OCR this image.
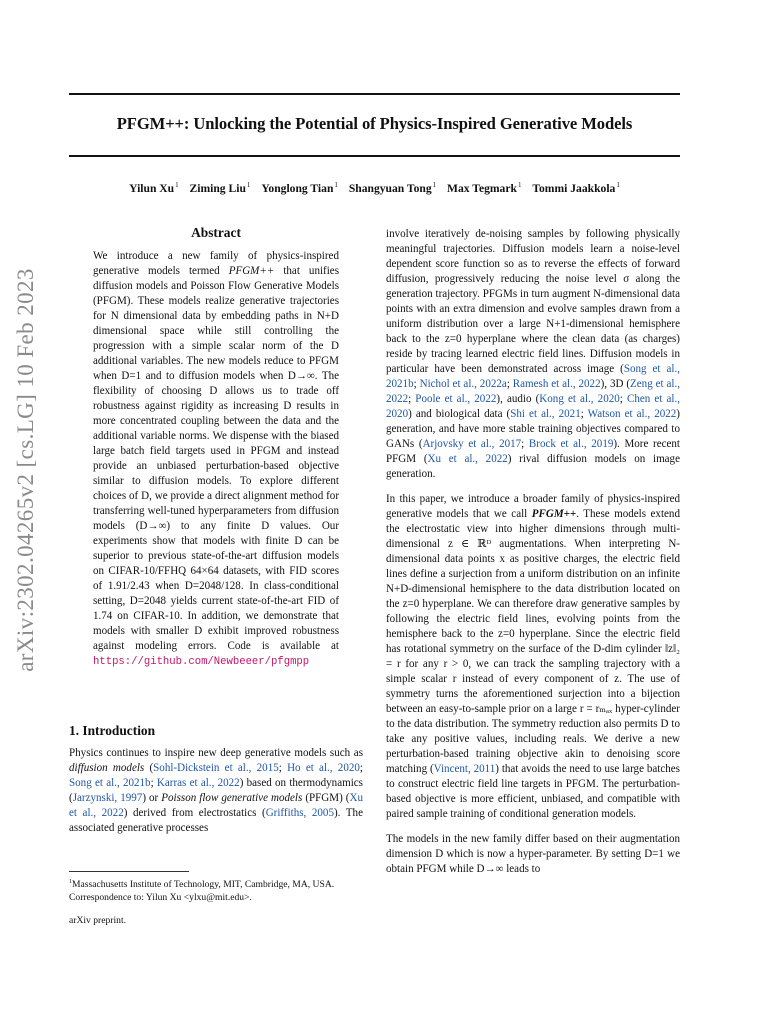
arXiv:2302.04265v2 [cs.LG] 10 Feb 2023
PFGM++: Unlocking the Potential of Physics-Inspired Generative Models
Yilun Xu$^1$ Ziming Liu$^1$ Yonglong Tian$^1$ Shangyuan Tong$^1$ Max Tegmark$^1$ Tommi Jaakkola$^1$
Abstract

We introduce a new family of physics-inspired generative models termed PFGM++ that unifies diffusion models and Poisson Flow Generative Models (PFGM). These models realize generative trajectories for N dimensional data by embedding paths in N+D dimensional space while still controlling the progression with a simple scalar norm of the D additional variables. The new models reduce to PFGM when D=1 and to diffusion models when D→∞. The flexibility of choosing D allows us to trade off robustness against rigidity as increasing D results in more concentrated coupling between the data and the additional variable norms. We dispense with the biased large batch field targets used in PFGM and instead provide an unbiased perturbation-based objective similar to diffusion models. To explore different choices of D, we provide a direct alignment method for transferring well-tuned hyperparameters from diffusion models (D→∞) to any finite D values. Our experiments show that models with finite D can be superior to previous state-of-the-art diffusion models on CIFAR-10/FFHQ 64×64 datasets, with FID scores of 1.91/2.43 when D=2048/128. In class-conditional setting, D=2048 yields current state-of-the-art FID of 1.74 on CIFAR-10. In addition, we demonstrate that models with smaller D exhibit improved robustness against modeling errors. Code is available at https://github.com/Newbeeer/pfgmpp

1. Introduction

Physics continues to inspire new deep generative models such as diffusion models (Sohl-Dickstein et al., 2015; Ho et al., 2020; Song et al., 2021b; Karras et al., 2022) based on thermodynamics (Jarzynski, 1997) or Poisson flow generative models (PFGM) (Xu et al., 2022) derived from electrostatics (Griffiths, 2005). The associated generative processes

$^1$Massachusetts Institute of Technology, MIT, Cambridge, MA, USA. Correspondence to: Yilun Xu <ylxu@mit.edu>.
arXiv preprint.

involve iteratively de-noising samples by following physically meaningful trajectories. Diffusion models learn a noise-level dependent score function so as to reverse the effects of forward diffusion, progressively reducing the noise level σ along the generation trajectory. PFGMs in turn augment N-dimensional data points with an extra dimension and evolve samples drawn from a uniform distribution over a large N+1-dimensional hemisphere back to the z=0 hyperplane where the clean data (as charges) reside by tracing learned electric field lines. Diffusion models in particular have been demonstrated across image (Song et al., 2021b; Nichol et al., 2022a; Ramesh et al., 2022), 3D (Zeng et al., 2022; Poole et al., 2022), audio (Kong et al., 2020; Chen et al., 2020) and biological data (Shi et al., 2021; Watson et al., 2022) generation, and have more stable training objectives compared to GANs (Arjovsky et al., 2017; Brock et al., 2019). More recent PFGM (Xu et al., 2022) rival diffusion models on image generation.

In this paper, we introduce a broader family of physics-inspired generative models that we call PFGM++. These models extend the electrostatic view into higher dimensions through multi-dimensional z ∈ ℝᴰ augmentations. When interpreting N-dimensional data points x as positive charges, the electric field lines define a surjection from a uniform distribution on an infinite N+D-dimensional hemisphere to the data distribution located on the z=0 hyperplane. We can therefore draw generative samples by following the electric field lines, evolving points from the hemisphere back to the z=0 hyperplane. Since the electric field has rotational symmetry on the surface of the D-dim cylinder ‖z‖₂ = r for any r > 0, we can track the sampling trajectory with a simple scalar r instead of every component of z. The use of symmetry turns the aforementioned surjection into a bijection between an easy-to-sample prior on a large r = rₘₐₓ hyper-cylinder to the data distribution. The symmetry reduction also permits D to take any positive values, including reals. We derive a new perturbation-based training objective akin to denoising score matching (Vincent, 2011) that avoids the need to use large batches to construct electric field line targets in PFGM. The perturbation-based objective is more efficient, unbiased, and compatible with paired sample training of conditional generation models.

The models in the new family differ based on their augmentation dimension D which is now a hyper-parameter. By setting D=1 we obtain PFGM while D→∞ leads to
